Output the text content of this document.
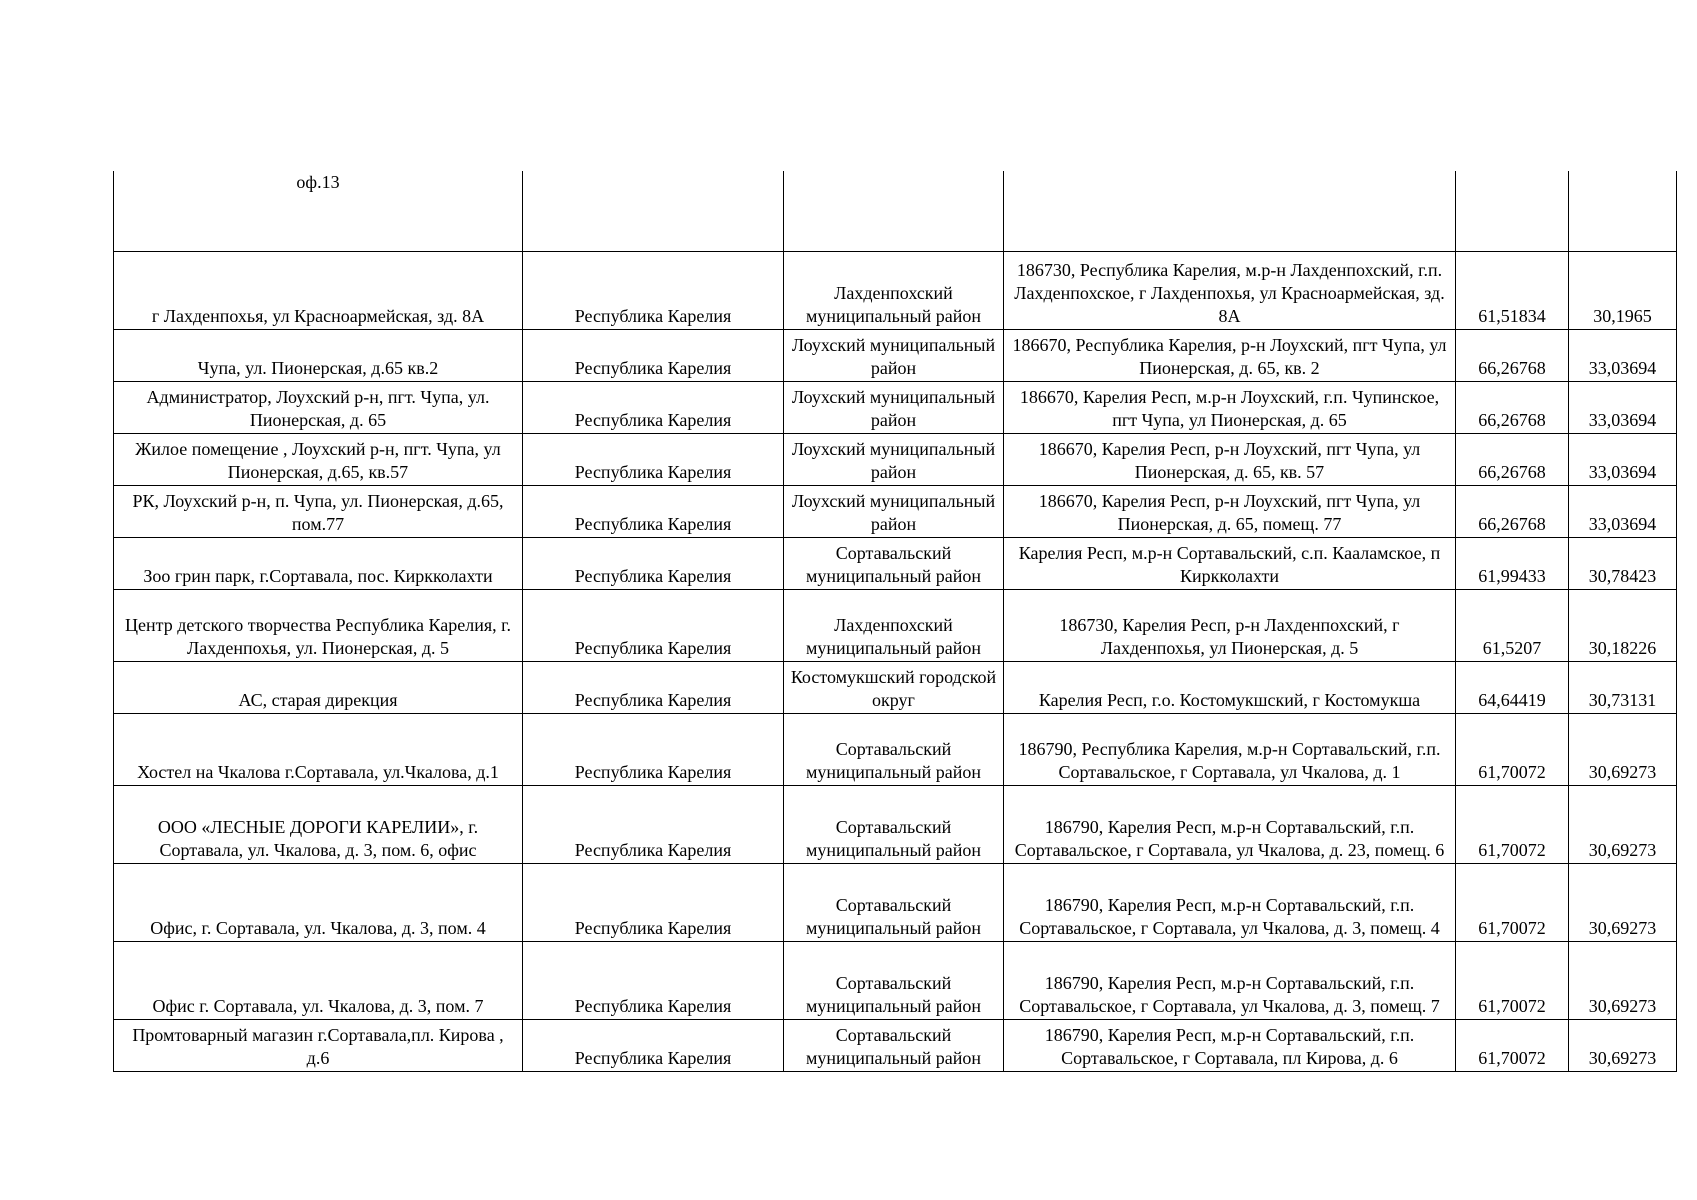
оф.13					
г Лахденпохья, ул Красноармейская, зд. 8А	Республика Карелия	Лахденпохский муниципальный район	186730, Республика Карелия, м.р-н Лахденпохский, г.п. Лахденпохское, г Лахденпохья, ул Красноармейская, зд. 8А	61,51834	30,1965
Чупа, ул. Пионерская, д.65 кв.2	Республика Карелия	Лоухский муниципальный район	186670, Республика Карелия, р-н Лоухский, пгт Чупа, ул Пионерская, д. 65, кв. 2	66,26768	33,03694
Администратор, Лоухский р-н, пгт. Чупа, ул. Пионерская, д. 65	Республика Карелия	Лоухский муниципальный район	186670, Карелия Респ, м.р-н Лоухский, г.п. Чупинское, пгт Чупа, ул Пионерская, д. 65	66,26768	33,03694
Жилое помещение , Лоухский р-н, пгт. Чупа, ул Пионерская, д.65, кв.57	Республика Карелия	Лоухский муниципальный район	186670, Карелия Респ, р-н Лоухский, пгт Чупа, ул Пионерская, д. 65, кв. 57	66,26768	33,03694
РК, Лоухский р-н, п. Чупа, ул. Пионерская, д.65, пом.77	Республика Карелия	Лоухский муниципальный район	186670, Карелия Респ, р-н Лоухский, пгт Чупа, ул Пионерская, д. 65, помещ. 77	66,26768	33,03694
Зоо грин парк, г.Сортавала, пос. Киркколахти	Республика Карелия	Сортавальский муниципальный район	Карелия Респ, м.р-н Сортавальский, с.п. Кааламское, п Киркколахти	61,99433	30,78423
Центр детского творчества Республика Карелия, г. Лахденпохья, ул. Пионерская, д. 5	Республика Карелия	Лахденпохский муниципальный район	186730, Карелия Респ, р-н Лахденпохский, г Лахденпохья, ул Пионерская, д. 5	61,5207	30,18226
АС, старая дирекция	Республика Карелия	Костомукшский городской округ	Карелия Респ, г.о. Костомукшский, г Костомукша	64,64419	30,73131
Хостел на Чкалова г.Сортавала, ул.Чкалова, д.1	Республика Карелия	Сортавальский муниципальный район	186790, Республика Карелия, м.р-н Сортавальский, г.п. Сортавальское, г Сортавала, ул Чкалова, д. 1	61,70072	30,69273
ООО «ЛЕСНЫЕ ДОРОГИ КАРЕЛИИ», г. Сортавала, ул. Чкалова, д. 3, пом. 6, офис	Республика Карелия	Сортавальский муниципальный район	186790, Карелия Респ, м.р-н Сортавальский, г.п. Сортавальское, г Сортавала, ул Чкалова, д. 23, помещ. 6	61,70072	30,69273
Офис, г. Сортавала, ул. Чкалова, д. 3, пом. 4	Республика Карелия	Сортавальский муниципальный район	186790, Карелия Респ, м.р-н Сортавальский, г.п. Сортавальское, г Сортавала, ул Чкалова, д. 3, помещ. 4	61,70072	30,69273
Офис г. Сортавала, ул. Чкалова, д. 3, пом. 7	Республика Карелия	Сортавальский муниципальный район	186790, Карелия Респ, м.р-н Сортавальский, г.п. Сортавальское, г Сортавала, ул Чкалова, д. 3, помещ. 7	61,70072	30,69273
Промтоварный магазин г.Сортавала,пл. Кирова , д.6	Республика Карелия	Сортавальский муниципальный район	186790, Карелия Респ, м.р-н Сортавальский, г.п. Сортавальское, г Сортавала, пл Кирова, д. 6	61,70072	30,69273
